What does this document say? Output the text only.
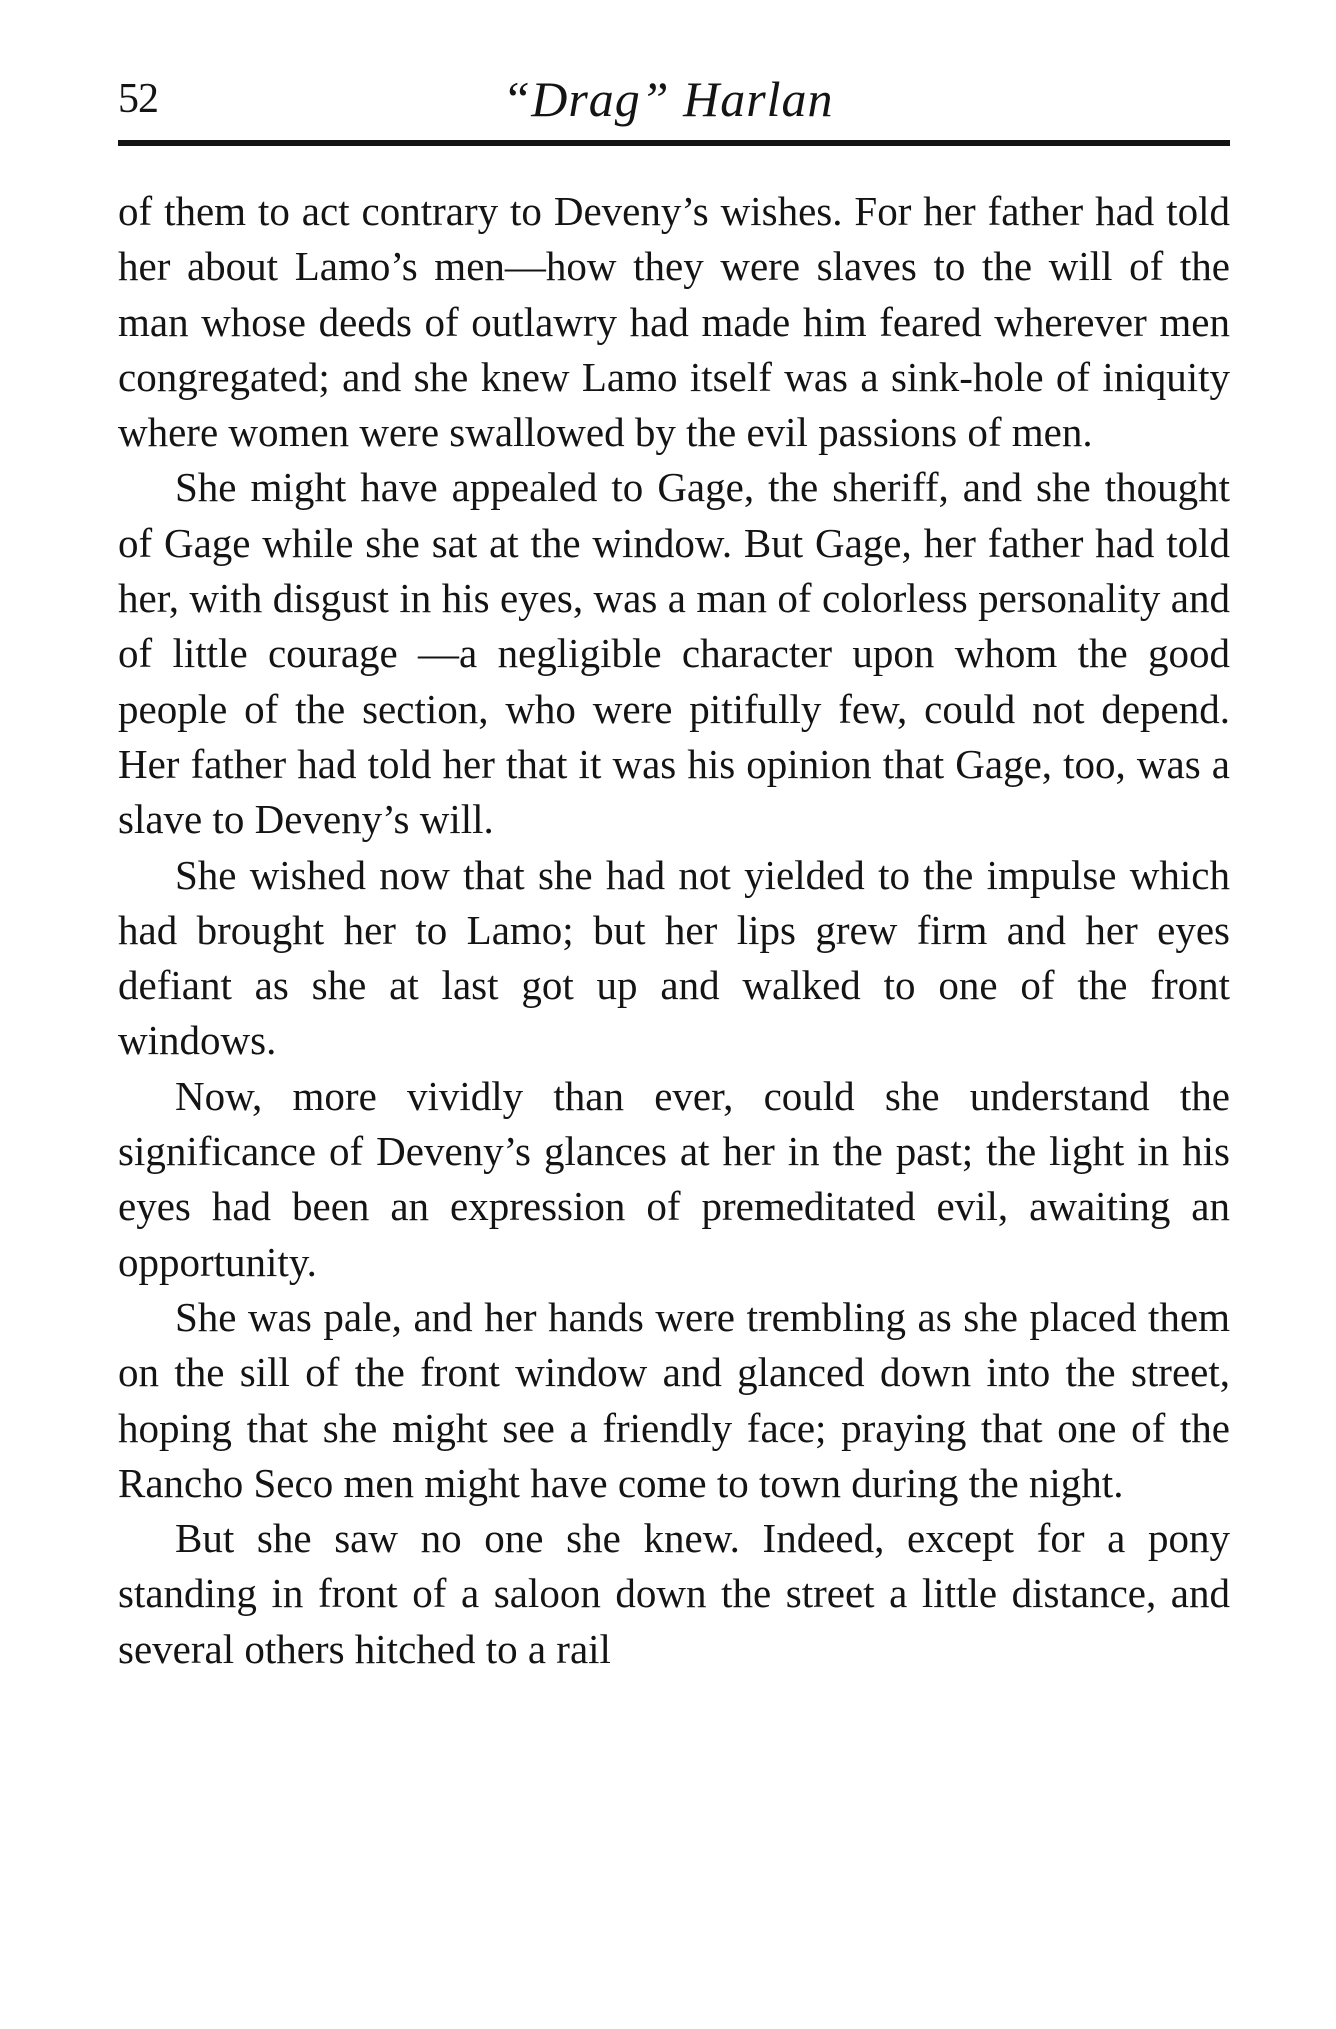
52	“Drag” Harlan

of them to act contrary to Deveny’s wishes. For her father had told her about Lamo’s men—how they were slaves to the will of the man whose deeds of outlawry had made him feared wherever men congregated; and she knew Lamo itself was a sink-hole of iniquity where women were swallowed by the evil passions of men.

She might have appealed to Gage, the sheriff, and she thought of Gage while she sat at the window. But Gage, her father had told her, with disgust in his eyes, was a man of colorless personality and of little courage —a negligible character upon whom the good people of the section, who were pitifully few, could not depend. Her father had told her that it was his opinion that Gage, too, was a slave to Deveny’s will.

She wished now that she had not yielded to the impulse which had brought her to Lamo; but her lips grew firm and her eyes defiant as she at last got up and walked to one of the front windows.

Now, more vividly than ever, could she understand the significance of Deveny’s glances at her in the past; the light in his eyes had been an expression of premeditated evil, awaiting an opportunity.

She was pale, and her hands were trembling as she placed them on the sill of the front window and glanced down into the street, hoping that she might see a friendly face; praying that one of the Rancho Seco men might have come to town during the night.

But she saw no one she knew. Indeed, except for a pony standing in front of a saloon down the street a little distance, and several others hitched to a rail
